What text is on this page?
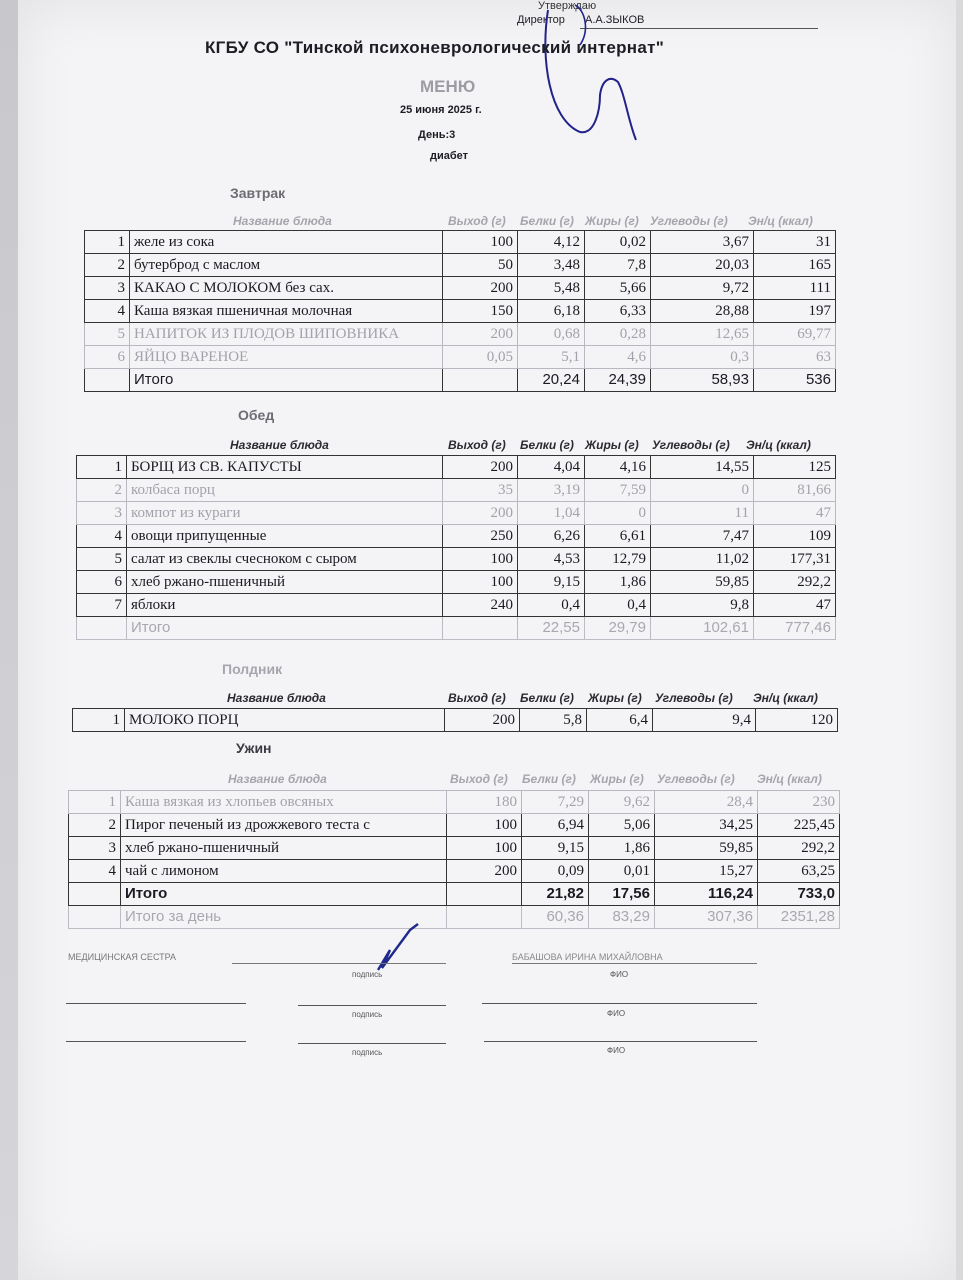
Утверждаю
Директор А.А.ЗЫКОВ
КГБУ СО "Тинской психоневрологический интернат"
МЕНЮ
25 июня 2025 г.
День:3
диабет
Завтрак
Название блюда	Выход (г) Белки (г) Жиры (г) Углеводы (г) Эн/ц (ккал)
1	желе из сока	100	4,12	0,02	3,67	31
2	бутерброд с маслом	50	3,48	7,8	20,03	165
3	КАКАО С МОЛОКОМ без сах.	200	5,48	5,66	9,72	111
4	Каша вязкая пшеничная молочная	150	6,18	6,33	28,88	197
5	НАПИТОК ИЗ ПЛОДОВ ШИПОВНИКА	200	0,68	0,28	12,65	69,77
6	ЯЙЦО ВАРЕНОЕ	0,05	5,1	4,6	0,3	63
	Итого		20,24	24,39	58,93	536
Обед
Название блюда	Выход (г) Белки (г) Жиры (г) Углеводы (г) Эн/ц (ккал)
1	БОРЩ ИЗ СВ. КАПУСТЫ	200	4,04	4,16	14,55	125
2	колбаса порц	35	3,19	7,59	0	81,66
3	компот из кураги	200	1,04	0	11	47
4	овощи припущенные	250	6,26	6,61	7,47	109
5	салат из свеклы счесноком с сыром	100	4,53	12,79	11,02	177,31
6	хлеб ржано-пшеничный	100	9,15	1,86	59,85	292,2
7	яблоки	240	0,4	0,4	9,8	47
	Итого		22,55	29,79	102,61	777,46
Полдник
Название блюда	Выход (г) Белки (г) Жиры (г) Углеводы (г) Эн/ц (ккал)
1	МОЛОКО ПОРЦ	200	5,8	6,4	9,4	120
Ужин
Название блюда	Выход (г) Белки (г) Жиры (г) Углеводы (г) Эн/ц (ккал)
1	Каша вязкая из хлопьев овсяных	180	7,29	9,62	28,4	230
2	Пирог печеный из дрожжевого теста с	100	6,94	5,06	34,25	225,45
3	хлеб ржано-пшеничный	100	9,15	1,86	59,85	292,2
4	чай с лимоном	200	0,09	0,01	15,27	63,25
	Итого		21,82	17,56	116,24	733,0
	Итого за день		60,36	83,29	307,36	2351,28
МЕДИЦИНСКАЯ СЕСТРА	БАБАШОВА ИРИНА МИХАЙЛОВНА
подпись	ФИО
подпись	ФИО
подпись	ФИО
